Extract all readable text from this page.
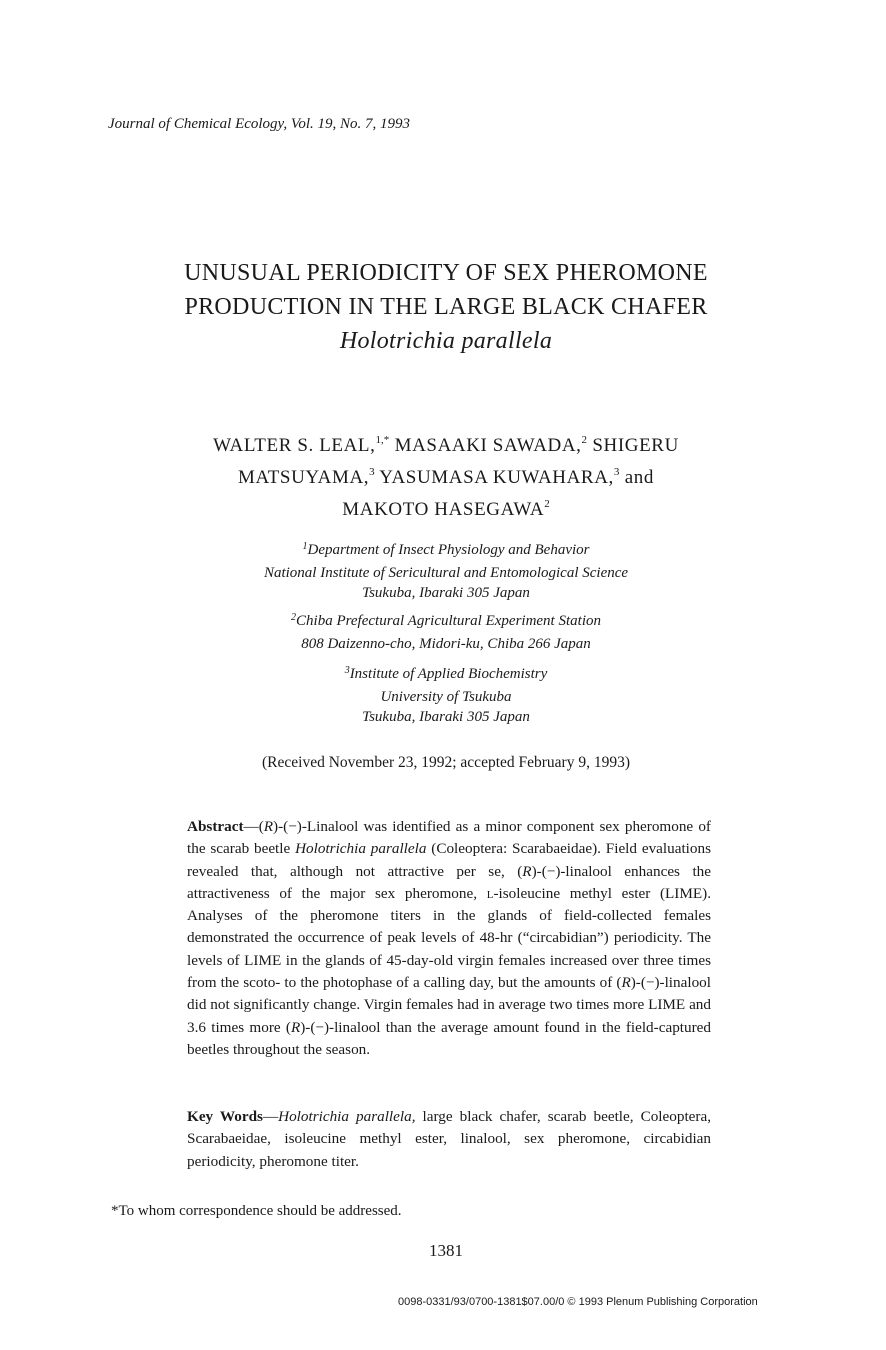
Journal of Chemical Ecology, Vol. 19, No. 7, 1993
UNUSUAL PERIODICITY OF SEX PHEROMONE
PRODUCTION IN THE LARGE BLACK CHAFER
Holotrichia parallela
WALTER S. LEAL,$^{1,*}$ MASAAKI SAWADA,$^2$ SHIGERU
MATSUYAMA,$^3$ YASUMASA KUWAHARA,$^3$ and
MAKOTO HASEGAWA$^2$
$^1$Department of Insect Physiology and Behavior
National Institute of Sericultural and Entomological Science
Tsukuba, Ibaraki 305 Japan
$^2$Chiba Prefectural Agricultural Experiment Station
808 Daizenno-cho, Midori-ku, Chiba 266 Japan
$^3$Institute of Applied Biochemistry
University of Tsukuba
Tsukuba, Ibaraki 305 Japan
(Received November 23, 1992; accepted February 9, 1993)
Abstract—(R)-(−)-Linalool was identified as a minor component sex pheromone of the scarab beetle Holotrichia parallela (Coleoptera: Scarabaeidae). Field evaluations revealed that, although not attractive per se, (R)-(−)-linalool enhances the attractiveness of the major sex pheromone, l-isoleucine methyl ester (LIME). Analyses of the pheromone titers in the glands of field-collected females demonstrated the occurrence of peak levels of 48-hr (“circabidian”) periodicity. The levels of LIME in the glands of 45-day-old virgin females increased over three times from the scoto- to the photophase of a calling day, but the amounts of (R)-(−)-linalool did not significantly change. Virgin females had in average two times more LIME and 3.6 times more (R)-(−)-linalool than the average amount found in the field-captured beetles throughout the season.
Key Words—Holotrichia parallela, large black chafer, scarab beetle, Coleoptera, Scarabaeidae, isoleucine methyl ester, linalool, sex pheromone, circabidian periodicity, pheromone titer.
*To whom correspondence should be addressed.
1381
0098-0331/93/0700-1381$07.00/0 © 1993 Plenum Publishing Corporation
